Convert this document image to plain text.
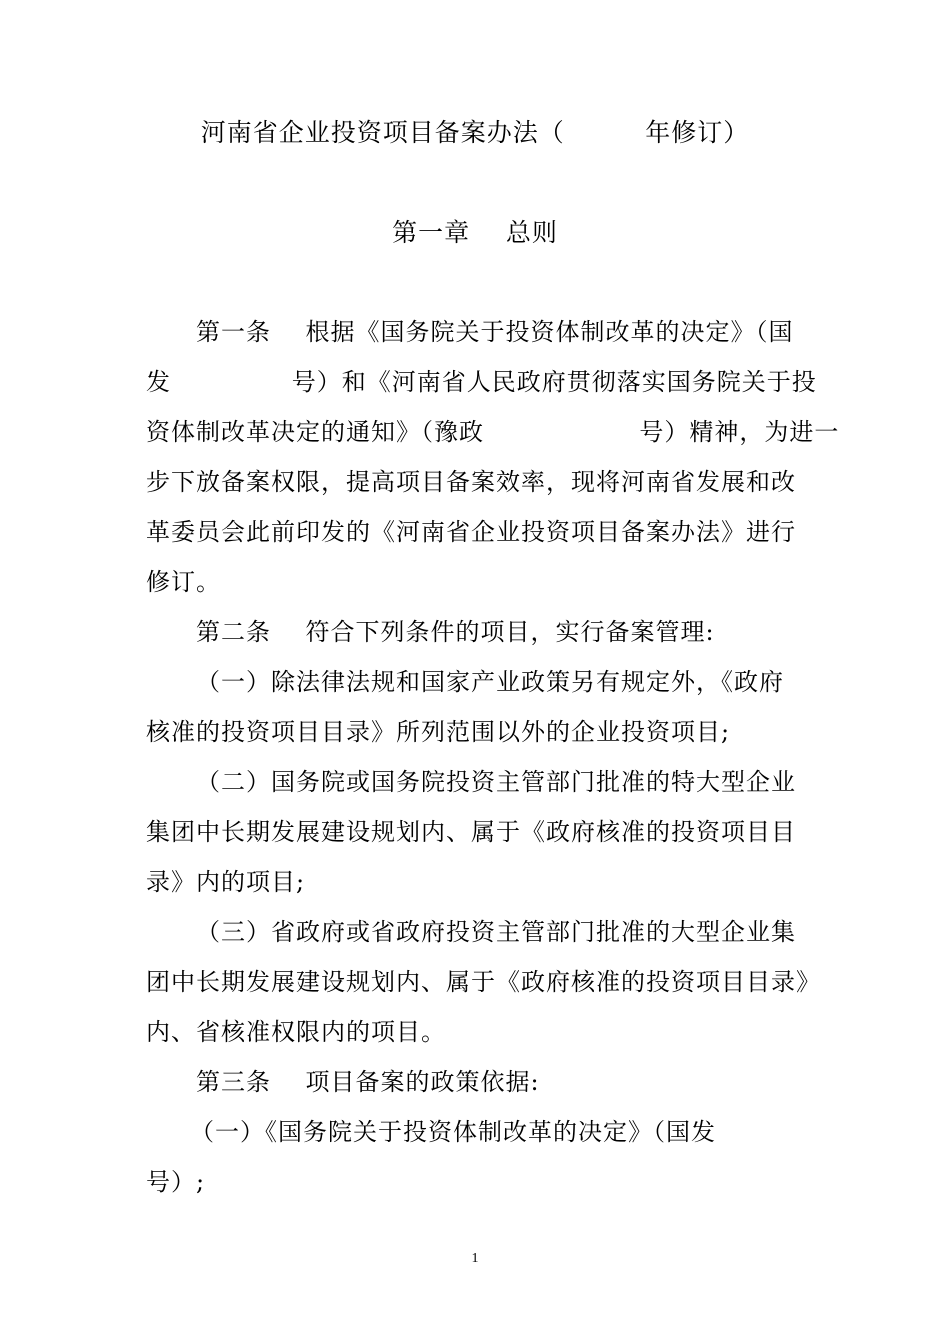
河南省企业投资项目备案办法（         年修订）
第一章    总则
第一条    根据《国务院关于投资体制改革的决定》（国
发              号）和《河南省人民政府贯彻落实国务院关于投
资体制改革决定的通知》（豫政                  号）精神，为进一
步下放备案权限，提高项目备案效率，现将河南省发展和改
革委员会此前印发的《河南省企业投资项目备案办法》进行
修订。
第二条    符合下列条件的项目，实行备案管理:
（一）除法律法规和国家产业政策另有规定外，《政府
核准的投资项目目录》所列范围以外的企业投资项目;
（二）国务院或国务院投资主管部门批准的特大型企业
集团中长期发展建设规划内、属于《政府核准的投资项目目
录》内的项目;
（三）省政府或省政府投资主管部门批准的大型企业集
团中长期发展建设规划内、属于《政府核准的投资项目目录》
内、省核准权限内的项目。
第三条    项目备案的政策依据:
（一）《国务院关于投资体制改革的决定》（国发
号）;
1
